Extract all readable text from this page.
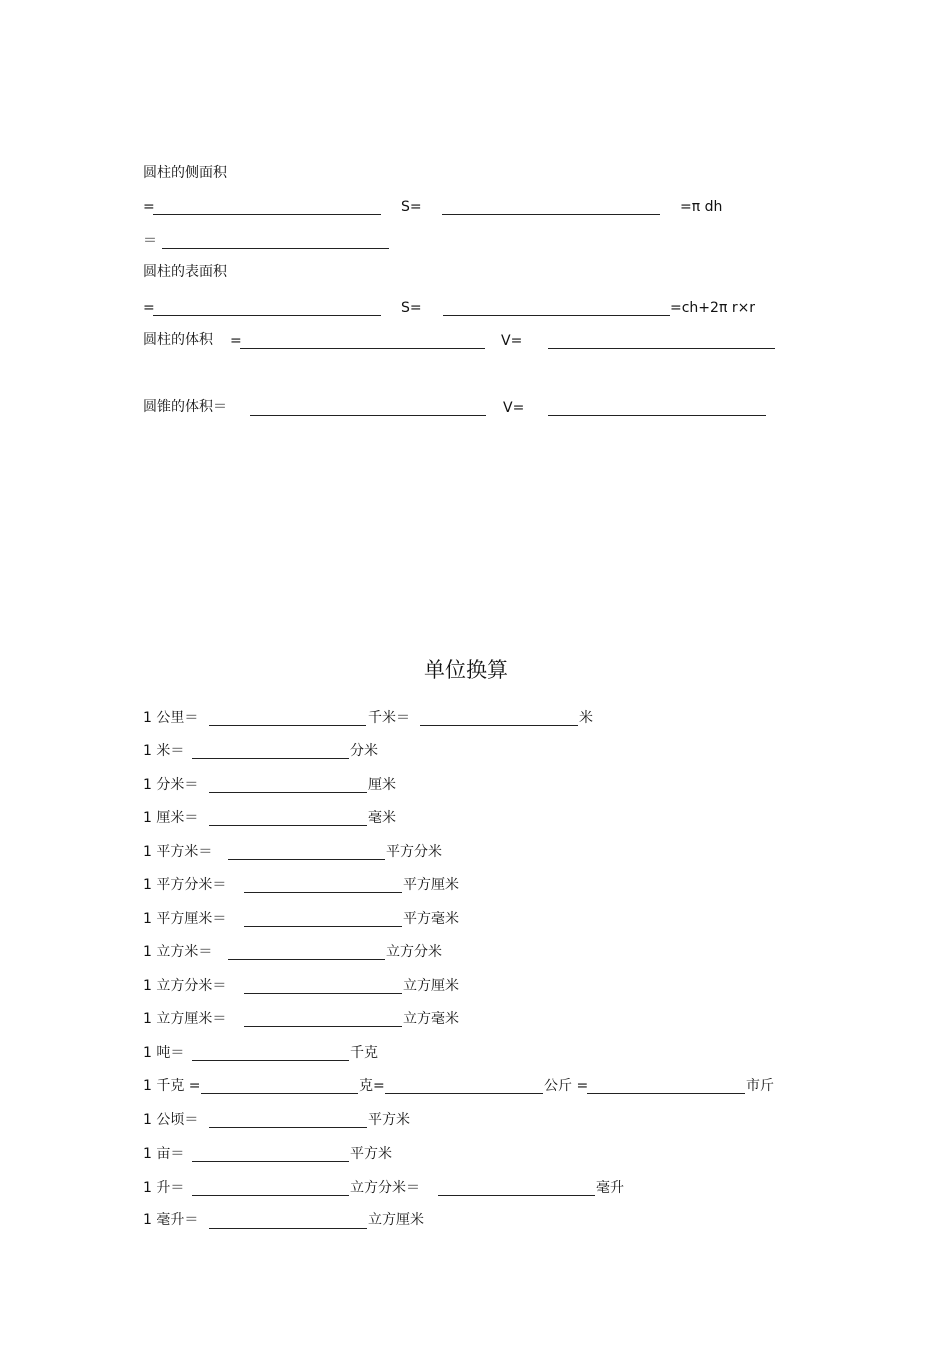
圆柱的侧面积
=	S=	=π dh
＝
圆柱的表面积
=	S=	=ch+2π r×r
圆柱的体积 =	V=
圆锥的体积＝	V=
单位换算
1 公里＝	千米＝	米
1 米＝	分米
1 分米＝	厘米
1 厘米＝	毫米
1 平方米＝	平方分米
1 平方分米＝	平方厘米
1 平方厘米＝	平方毫米
1 立方米＝	立方分米
1 立方分米＝	立方厘米
1 立方厘米＝	立方毫米
1 吨＝	千克
1 千克 =	克=	公斤 =	市斤
1 公顷＝	平方米
1 亩＝	平方米
1 升＝	立方分米＝	毫升
1 毫升＝	立方厘米
